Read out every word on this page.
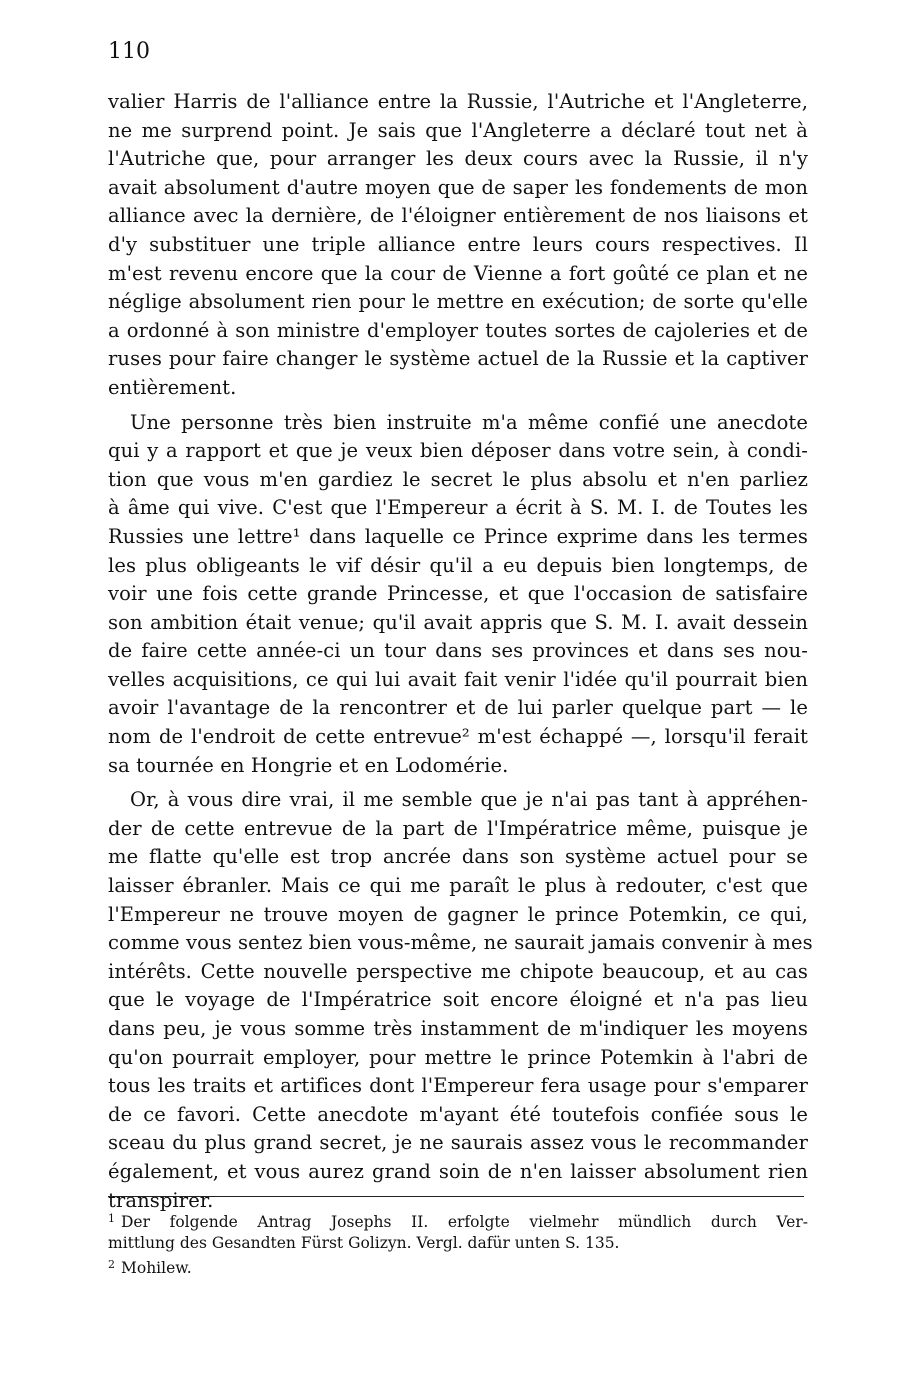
110
valier Harris de l'alliance entre la Russie, l'Autriche et l'Angleterre,
ne me surprend point. Je sais que l'Angleterre a déclaré tout net à
l'Autriche que, pour arranger les deux cours avec la Russie, il n'y
avait absolument d'autre moyen que de saper les fondements de mon
alliance avec la dernière, de l'éloigner entièrement de nos liaisons et
d'y substituer une triple alliance entre leurs cours respectives. Il
m'est revenu encore que la cour de Vienne a fort goûté ce plan et ne
néglige absolument rien pour le mettre en exécution; de sorte qu'elle
a ordonné à son ministre d'employer toutes sortes de cajoleries et de
ruses pour faire changer le système actuel de la Russie et la captiver
entièrement.
Une personne très bien instruite m'a même confié une anecdote
qui y a rapport et que je veux bien déposer dans votre sein, à condi-
tion que vous m'en gardiez le secret le plus absolu et n'en parliez
à âme qui vive. C'est que l'Empereur a écrit à S. M. I. de Toutes les
Russies une lettre¹ dans laquelle ce Prince exprime dans les termes
les plus obligeants le vif désir qu'il a eu depuis bien longtemps, de
voir une fois cette grande Princesse, et que l'occasion de satisfaire
son ambition était venue; qu'il avait appris que S. M. I. avait dessein
de faire cette année-ci un tour dans ses provinces et dans ses nou-
velles acquisitions, ce qui lui avait fait venir l'idée qu'il pourrait bien
avoir l'avantage de la rencontrer et de lui parler quelque part — le
nom de l'endroit de cette entrevue² m'est échappé —, lorsqu'il ferait
sa tournée en Hongrie et en Lodomérie.
Or, à vous dire vrai, il me semble que je n'ai pas tant à appréhen-
der de cette entrevue de la part de l'Impératrice même, puisque je
me flatte qu'elle est trop ancrée dans son système actuel pour se
laisser ébranler. Mais ce qui me paraît le plus à redouter, c'est que
l'Empereur ne trouve moyen de gagner le prince Potemkin, ce qui,
comme vous sentez bien vous-même, ne saurait jamais convenir à mes
intérêts. Cette nouvelle perspective me chipote beaucoup, et au cas
que le voyage de l'Impératrice soit encore éloigné et n'a pas lieu
dans peu, je vous somme très instamment de m'indiquer les moyens
qu'on pourrait employer, pour mettre le prince Potemkin à l'abri de
tous les traits et artifices dont l'Empereur fera usage pour s'emparer
de ce favori. Cette anecdote m'ayant été toutefois confiée sous le
sceau du plus grand secret, je ne saurais assez vous le recommander
également, et vous aurez grand soin de n'en laisser absolument rien
transpirer.
$^1$ Der folgende Antrag Josephs II. erfolgte vielmehr mündlich durch Ver-
mittlung des Gesandten Fürst Golizyn. Vergl. dafür unten S. 135.
$^2$ Mohilew.
